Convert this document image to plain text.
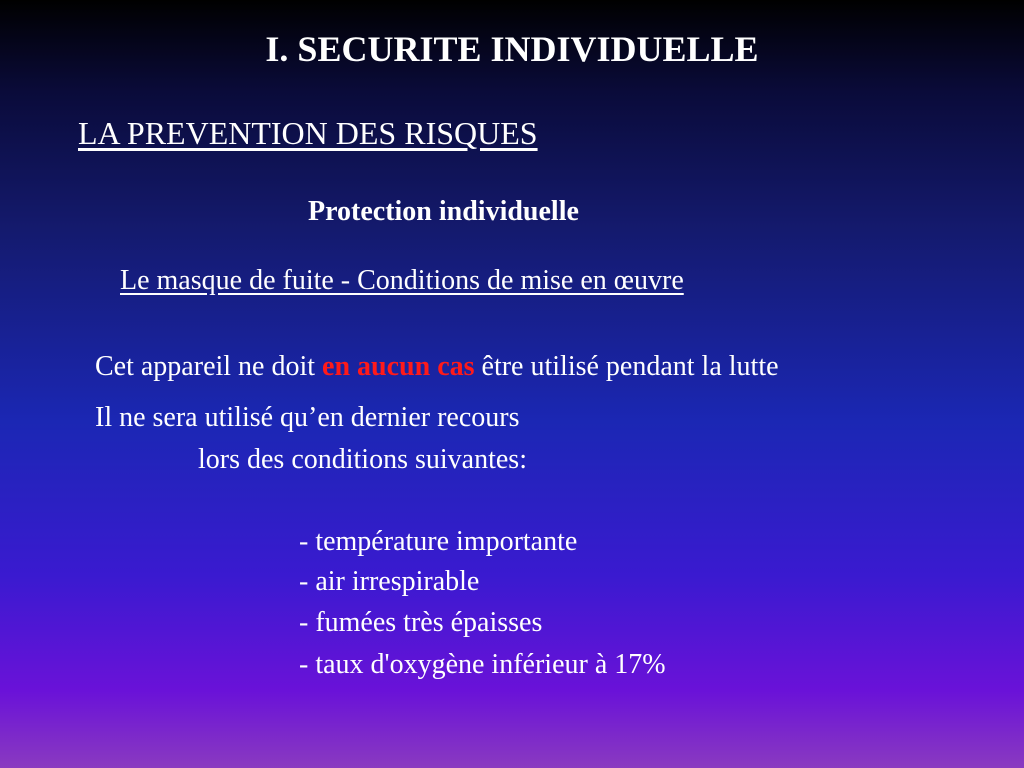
I. SECURITE INDIVIDUELLE
LA PREVENTION DES RISQUES
Protection individuelle
Le masque de fuite - Conditions de mise en œuvre
Cet appareil ne doit en aucun cas être utilisé pendant la lutte
Il ne sera utilisé qu’en dernier recours
lors des conditions suivantes:
- température importante
- air irrespirable
- fumées très épaisses
- taux d'oxygène inférieur à 17%
